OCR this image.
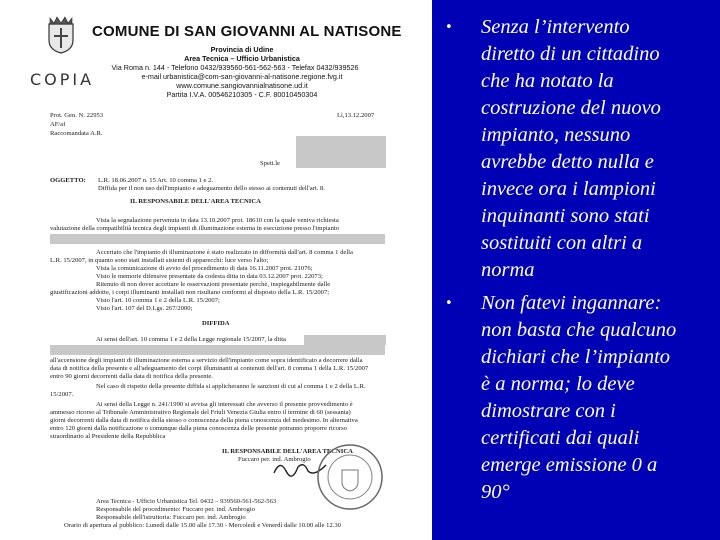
COPIA
COMUNE DI SAN GIOVANNI AL NATISONE
Provincia di Udine
Area Tecnica – Ufficio Urbanistica
Via Roma n. 144 - Telefono 0432/939560-561-562-563 - Telefax 0432/939526
e-mail urbanistica@com-san-giovanni-al-natisone.regione.fvg.it
www.comune.sangiovannialnatisone.ud.it
Partita I.V.A. 00546210305 - C.F. 80010450304
Prot. Gen. N. 22953
AF/af
Raccomandata A.R.
Lì,13.12.2007
Spett.le
OGGETTO: L.R. 18.06.2007 n. 15 Art. 10 comma 1 e 2.
Diffida per il non uso dell'impianto e adeguamento dello stesso ai contenuti dell'art. 8.
IL RESPONSABILE DELL'AREA TECNICA
Vista la segnalazione pervenuta in data 13.10.2007 prot. 18610 con la quale veniva richiesta
valutazione della compatibilità tecnica degli impianti di illuminazione esterna in esecuzione presso l'impianto
Accertato che l'impianto di illuminazione è stato realizzato in difformità dall'art. 8 comma 1 della
L.R. 15/2007, in quanto sono stati installati sistemi di apparecchi: luce verso l'alto;
Vista la comunicazione di avvio del procedimento di data 16.11.2007 prot. 21076;
Visto le memorie difensive presentate da codesta ditta in data 03.12.2007 prot. 22073;
Ritenuto di non dover accettare le osservazioni presentate perchè, inspiegabilmente dalle
giustificazioni addotte, i corpi illuminanti installati non risultano conformi al disposto della L.R. 15/2007;
Visto l'art. 10 comma 1 e 2 della L.R. 15/2007;
Visto l'art. 107 del D.Lgs. 267/2000;
DIFFIDA
Ai sensi dell'art. 10 comma 1 e 2 della Legge regionale 15/2007, la ditta
all'accensione degli impianti di illuminazione esterna a servizio dell'impianto come sopra identificato a decorrere dalla
data di notifica della presente e all'adeguamento dei corpi illuminanti ai contenuti dell'art. 8 comma 1 della L.R. 15/2007
entro 90 giorni decorrenti dalla data di notifica della presente.
Nel caso di rispetto della presente diffida si applicheranno le sanzioni di cui al comma 1 e 2 della L.R.
15/2007.
Ai sensi della Legge n. 241/1990 si avvisa gli interessati che avverso il presente provvedimento è
ammesso ricorso al Tribunale Amministrativo Regionale del Friuli Venezia Giulia entro il termine di 60 (sessanta)
giorni decorrenti dalla data di notifica della stesso o conoscenza della piena conoscenza del medesimo. In alternativa
entro 120 giorni dalla notificazione o comunque dalla piena conoscenza delle presente potranno proporre ricorso
straordinario al Presidente della Repubblica
IL RESPONSABILE DELL'AREA TECNICA
Fuccaro per. ind. Ambrogio
Area Tecnica - Ufficio Urbanistica Tel. 0432 – 939560-561-562-563
Responsabile del procedimento: Fuccaro per. ind. Ambrogio
Responsabile dell'istruttoria: Fuccaro per. ind. Ambrogio
Orario di apertura al pubblico: Lunedì dalle 15.00 alle 17.30 - Mercoledì e Venerdì dalle 10.00 alle 12.30
•	Senza l’intervento
diretto di un cittadino
che ha notato la
costruzione del nuovo
impianto, nessuno
avrebbe detto nulla e
invece ora i lampioni
inquinanti sono stati
sostituiti con altri a
norma
•	Non fatevi ingannare:
non basta che qualcuno
dichiari che l’impianto
è a norma; lo deve
dimostrare con i
certificati dai quali
emerge emissione 0 a
90°
